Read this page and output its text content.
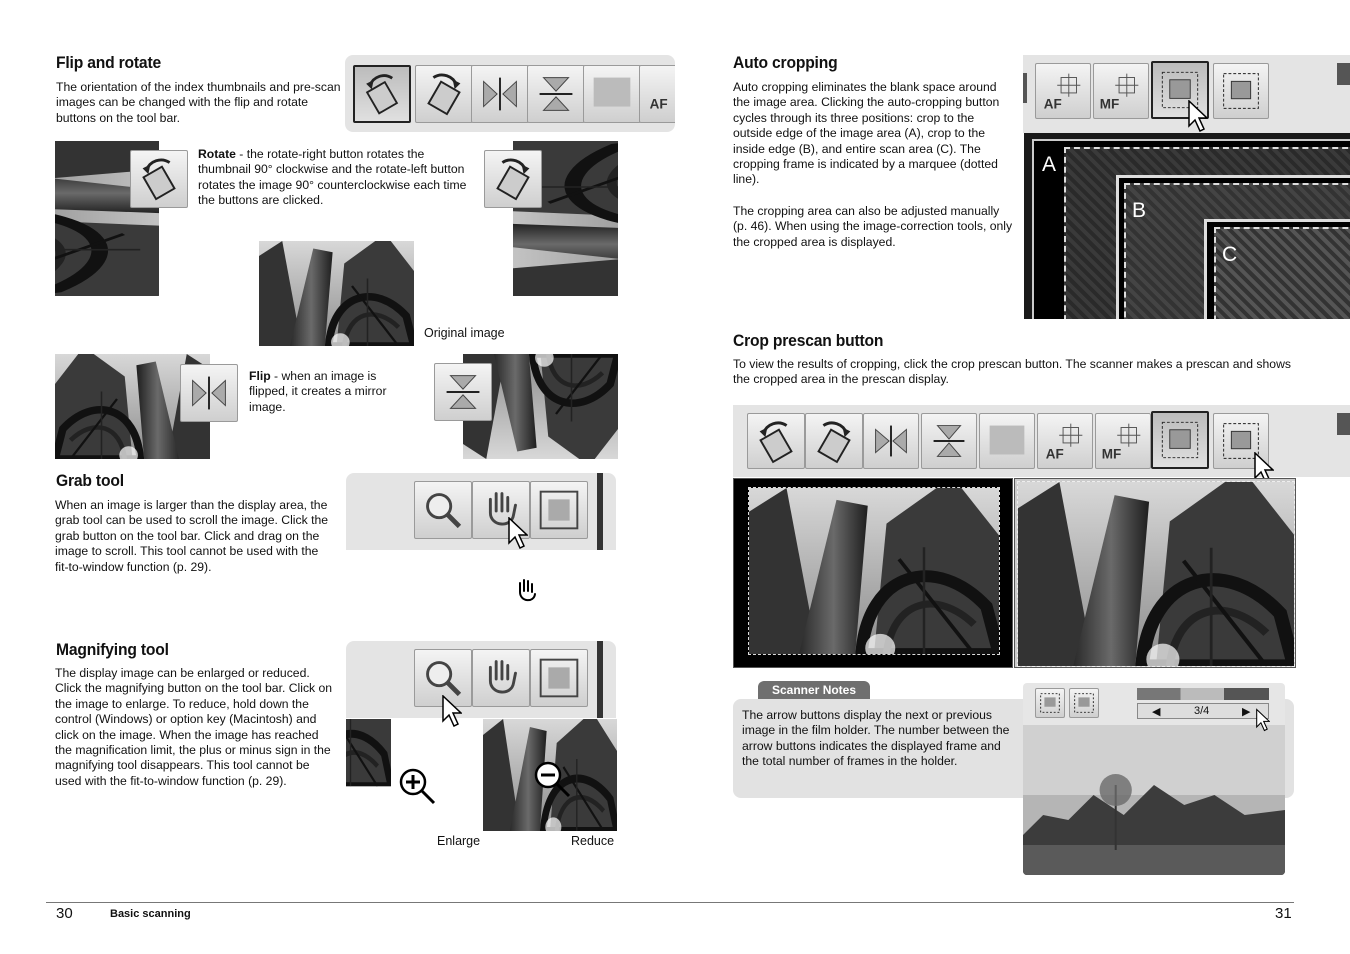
Flip and rotate
The orientation of the index thumbnails and pre-scan images can be changed with the flip and rotate buttons on the tool bar.
AF
Rotate - the rotate-right button rotates the thumbnail 90° clockwise and the rotate-left button rotates the image 90° counterclockwise each time the buttons are clicked.
Original image
Flip - when an image is flipped, it creates a mirror image.
Grab tool
When an image is larger than the display area, the grab tool can be used to scroll the image. Click the grab button on the tool bar. Click and drag on the image to scroll. This tool cannot be used with the fit-to-window function (p. 29).
Magnifying tool
The display image can be enlarged or reduced. Click the magnifying button on the tool bar. Click on the image to enlarge. To reduce, hold down the control (Windows) or option key (Macintosh) and click on the image. When the image has reached the magnification limit, the plus or minus sign in the magnifying tool disappears. This tool cannot be used with the fit-to-window function (p. 29).
Enlarge	Reduce
Auto cropping
Auto cropping eliminates the blank space around the image area. Clicking the auto-cropping button cycles through its three positions: crop to the outside edge of the image area (A), crop to the inside edge (B), and entire scan area (C). The cropping frame is indicated by a marquee (dotted line).
The cropping area can also be adjusted manually (p. 46). When using the image-correction tools, only the cropped area is displayed.
AF	MF
A
B
C
Crop prescan button
To view the results of cropping, click the crop prescan button. The scanner makes a prescan and shows the cropped area in the prescan display.
AF	MF
Scanner Notes
The arrow buttons display the next or previous image in the film holder. The number between the arrow buttons indicates the displayed frame and the total number of frames in the holder.
◀	3/4	▶
30	Basic scanning	31
